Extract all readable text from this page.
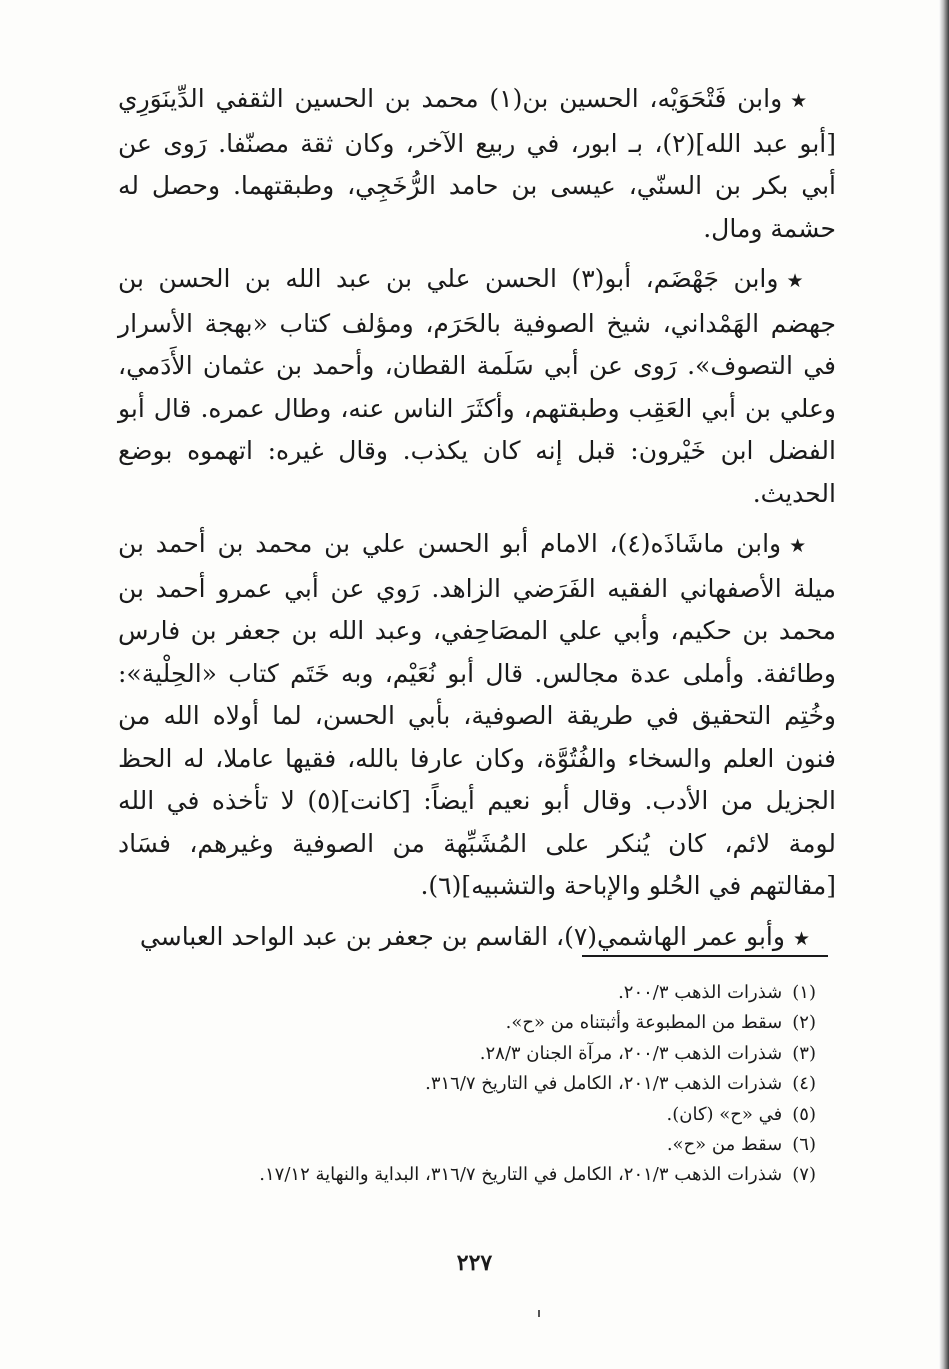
★وابن فَتْحَوَيْه، الحسين بن(١) محمد بن الحسين الثقفي الدِّينَوَرِي [أبو عبد الله](٢)، بـ ابور، في ربيع الآخر، وكان ثقة مصنّفا. رَوى عن أبي بكر بن السنّي، عيسى بن حامد الرُّخَجِي، وطبقتهما. وحصل له حشمة ومال.

★وابن جَهْضَم، أبو(٣) الحسن علي بن عبد الله بن الحسن بن جهضم الهَمْداني، شيخ الصوفية بالحَرَم، ومؤلف كتاب «بهجة الأسرار في التصوف». رَوى عن أبي سَلَمة القطان، وأحمد بن عثمان الأَدَمي، وعلي بن أبي العَقِب وطبقتهم، وأكثَرَ الناس عنه، وطال عمره. قال أبو الفضل ابن خَيْرون: قبل إنه كان يكذب. وقال غيره: اتهموه بوضع الحديث.

★وابن ماشَاذَه(٤)، الامام أبو الحسن علي بن محمد بن أحمد بن ميلة الأصفهاني الفقيه الفَرَضي الزاهد. رَوي عن أبي عمرو أحمد بن محمد بن حكيم، وأبي علي المصَاحِفي، وعبد الله بن جعفر بن فارس وطائفة. وأملى عدة مجالس. قال أبو نُعَيْم، وبه خَتَم كتاب «الحِلْية»: وخُتِم التحقيق في طريقة الصوفية، بأبي الحسن، لما أولاه الله من فنون العلم والسخاء والفُتُوَّة، وكان عارفا بالله، فقيها عاملا، له الحظ الجزيل من الأدب. وقال أبو نعيم أيضاً: [كانت](٥) لا تأخذه في الله لومة لائم، كان يُنكر على المُشَبِّهة من الصوفية وغيرهم، فسَاد [مقالتهم في الحُلو والإباحة والتشبيه](٦).

★وأبو عمر الهاشمي(٧)، القاسم بن جعفر بن عبد الواحد العباسي

(١)شذرات الذهب ٢٠٠/٣.
(٢)سقط من المطبوعة وأثبتناه من «ح».
(٣)شذرات الذهب ٢٠٠/٣، مرآة الجنان ٢٨/٣.
(٤)شذرات الذهب ٢٠١/٣، الكامل في التاريخ ٣١٦/٧.
(٥)في «ح» (كان).
(٦)سقط من «ح».
(٧)شذرات الذهب ٢٠١/٣، الكامل في التاريخ ٣١٦/٧، البداية والنهاية ١٧/١٢.
٢٢٧
